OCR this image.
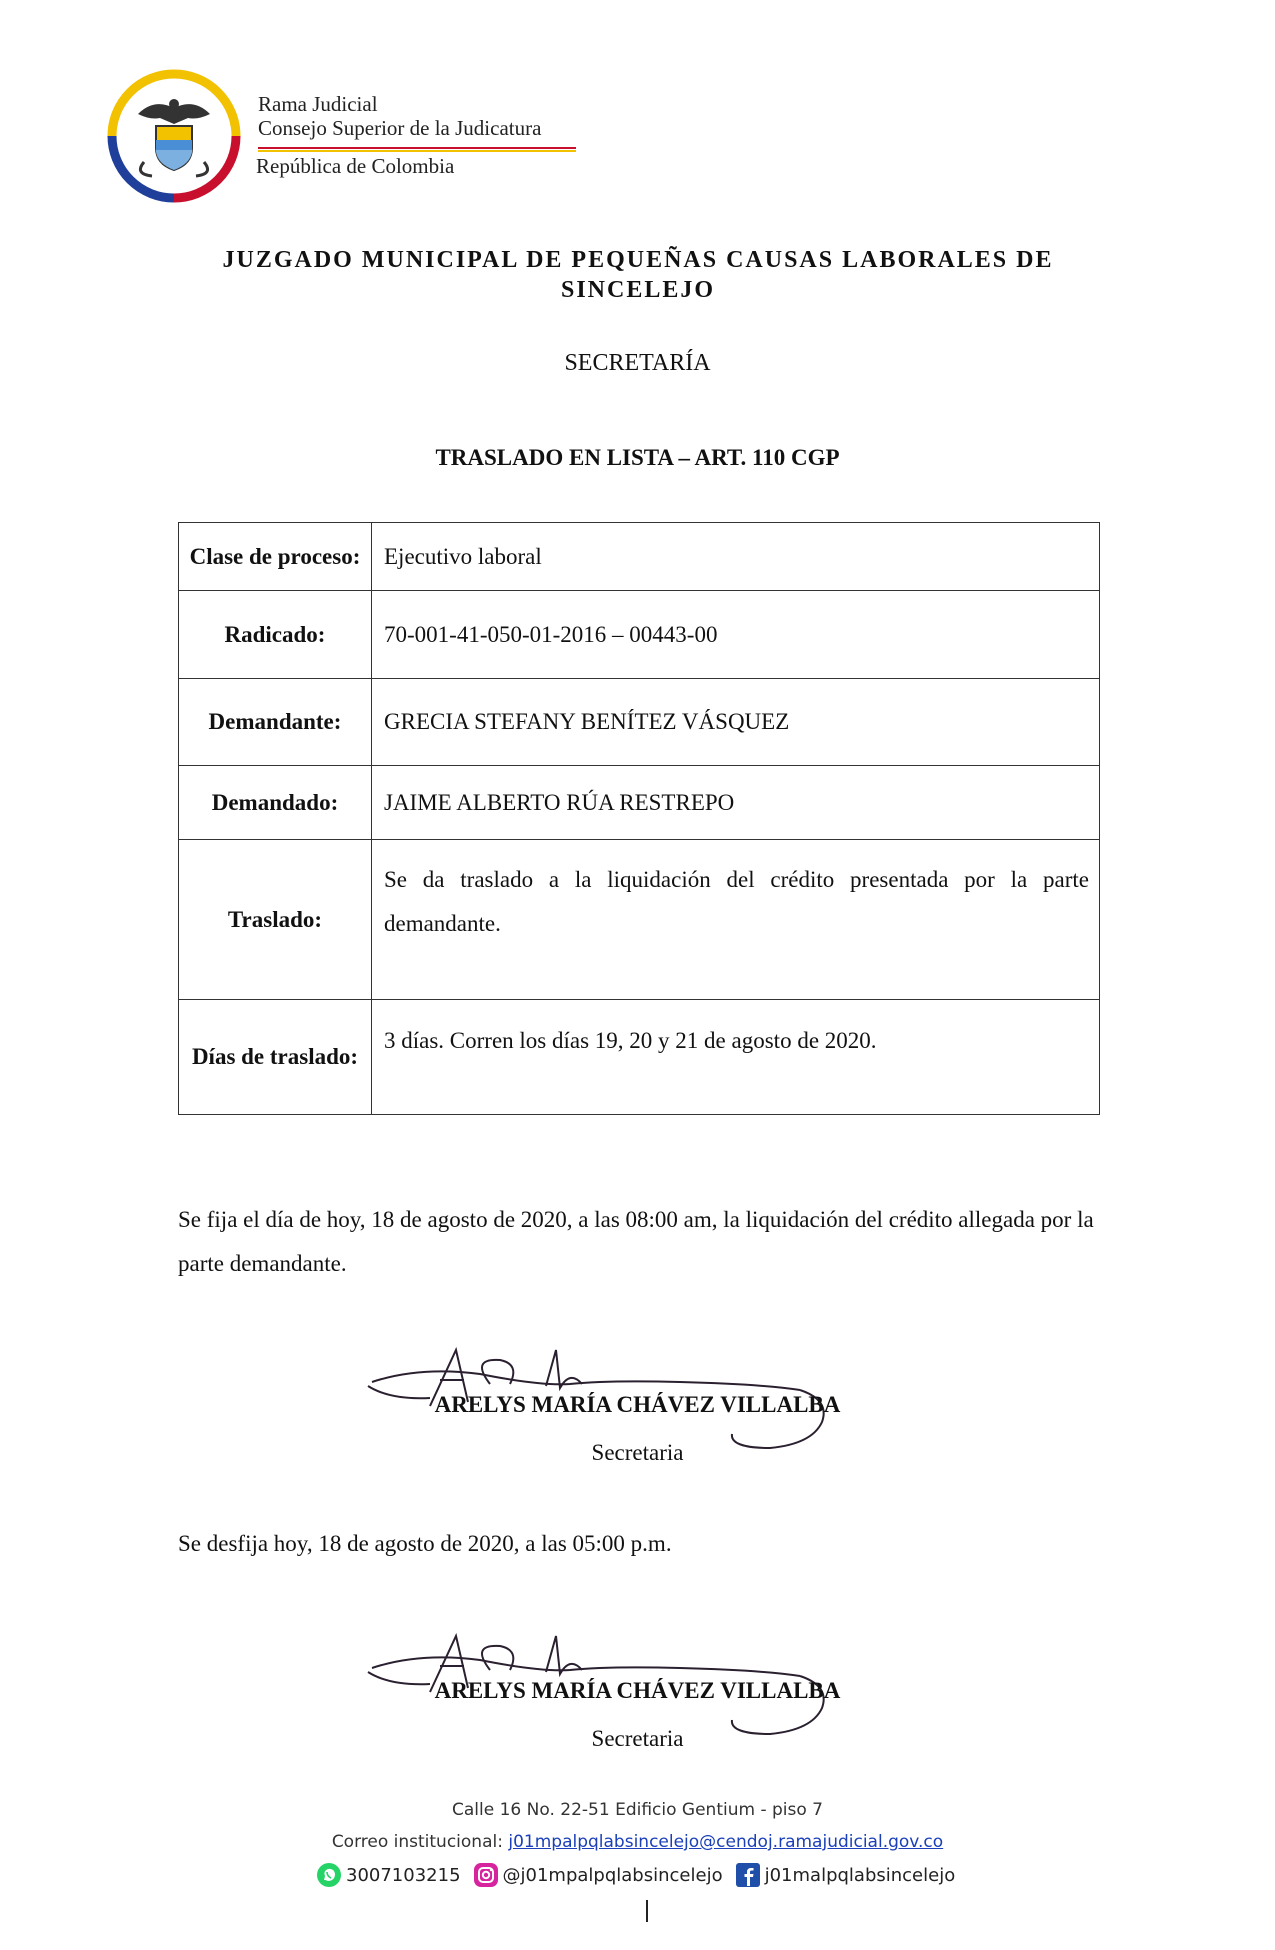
Rama Judicial
Consejo Superior de la Judicatura
República de Colombia
JUZGADO MUNICIPAL DE PEQUEÑAS CAUSAS LABORALES DE SINCELEJO
SECRETARÍA
TRASLADO EN LISTA – ART. 110 CGP
Clase de proceso:	Ejecutivo laboral
Radicado:	70-001-41-050-01-2016 – 00443-00
Demandante:	GRECIA STEFANY BENÍTEZ VÁSQUEZ
Demandado:	JAIME ALBERTO RÚA RESTREPO
Traslado:	Se da traslado a la liquidación del crédito presentada por la parte demandante.
Días de traslado:	3 días. Corren los días 19, 20 y 21 de agosto de 2020.
Se fija el día de hoy, 18 de agosto de 2020, a las 08:00 am, la liquidación del crédito allegada por la parte demandante.
ARELYS MARÍA CHÁVEZ VILLALBA
Secretaria
Se desfija hoy, 18 de agosto de 2020, a las 05:00 p.m.
ARELYS MARÍA CHÁVEZ VILLALBA
Secretaria
Calle 16 No. 22-51 Edificio Gentium - piso 7
Correo institucional: j01mpalpqlabsincelejo@cendoj.ramajudicial.gov.co
3007103215 @j01mpalpqlabsincelejo j01malpqlabsincelejo
